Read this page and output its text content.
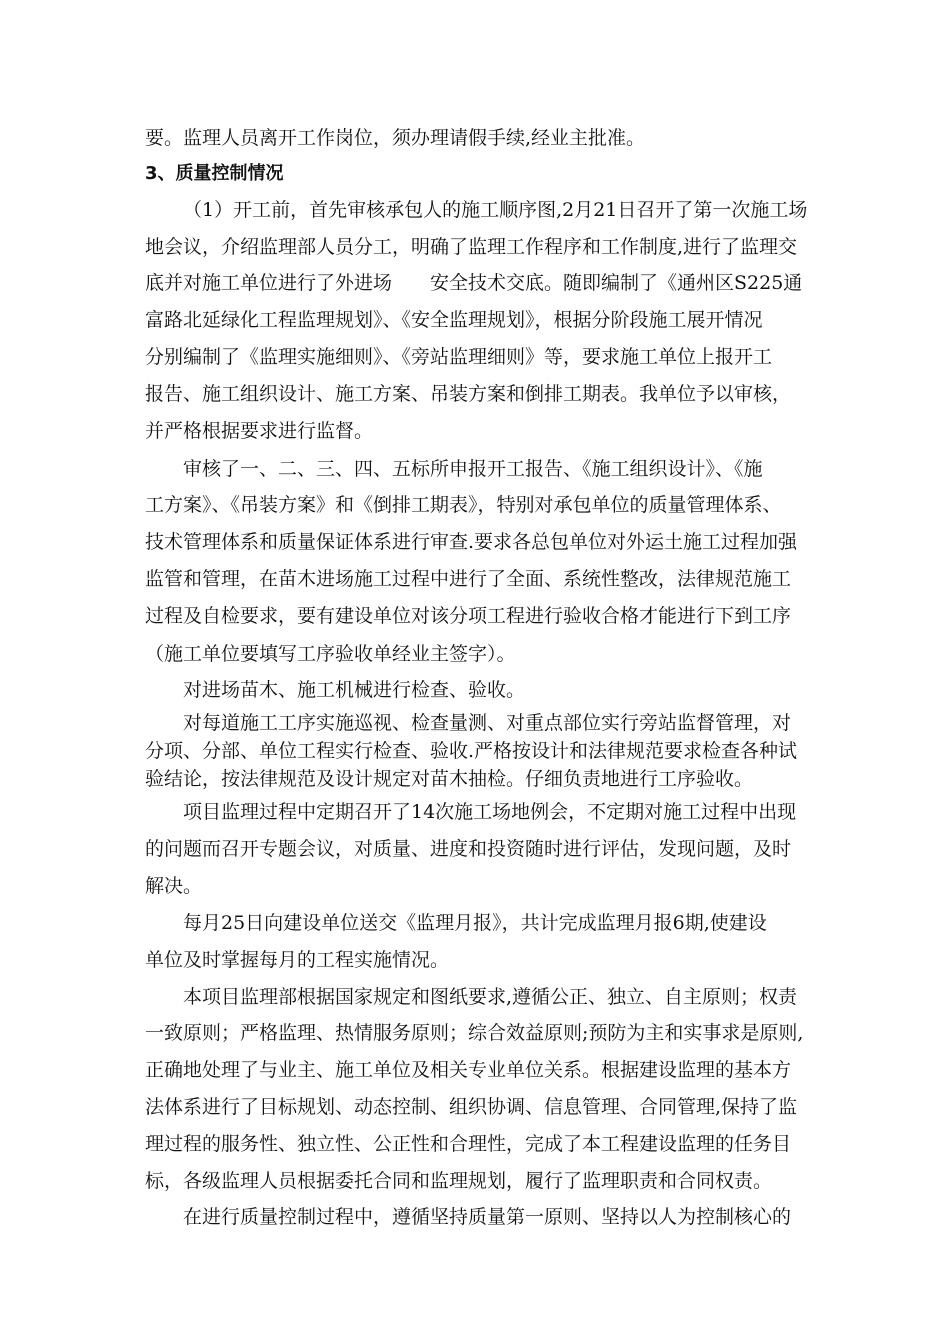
要。监理人员离开工作岗位，须办理请假手续,经业主批准。
3、质量控制情况
（1）开工前，首先审核承包人的施工顺序图,2月21日召开了第一次施工场
地会议，介绍监理部人员分工，明确了监理工作程序和工作制度,进行了监理交
底并对施工单位进行了外进场　　安全技术交底。随即编制了《通州区S225通
富路北延绿化工程监理规划》、《安全监理规划》，根据分阶段施工展开情况
分别编制了《监理实施细则》、《旁站监理细则》等，要求施工单位上报开工
报告、施工组织设计、施工方案、吊装方案和倒排工期表。我单位予以审核，
并严格根据要求进行监督。
审核了一、二、三、四、五标所申报开工报告、《施工组织设计》、《施
工方案》、《吊装方案》和《倒排工期表》，特别对承包单位的质量管理体系、
技术管理体系和质量保证体系进行审查.要求各总包单位对外运土施工过程加强
监管和管理，在苗木进场施工过程中进行了全面、系统性整改，法律规范施工
过程及自检要求，要有建设单位对该分项工程进行验收合格才能进行下到工序
（施工单位要填写工序验收单经业主签字）。
对进场苗木、施工机械进行检查、验收。
对每道施工工序实施巡视、检查量测、对重点部位实行旁站监督管理，对
分项、分部、单位工程实行检查、验收.严格按设计和法律规范要求检查各种试
验结论，按法律规范及设计规定对苗木抽检。仔细负责地进行工序验收。
项目监理过程中定期召开了14次施工场地例会，不定期对施工过程中出现
的问题而召开专题会议，对质量、进度和投资随时进行评估，发现问题，及时
解决。
每月25日向建设单位送交《监理月报》，共计完成监理月报6期,使建设
单位及时掌握每月的工程实施情况。
本项目监理部根据国家规定和图纸要求,遵循公正、独立、自主原则；权责
一致原则；严格监理、热情服务原则；综合效益原则;预防为主和实事求是原则,
正确地处理了与业主、施工单位及相关专业单位关系。根据建设监理的基本方
法体系进行了目标规划、动态控制、组织协调、信息管理、合同管理,保持了监
理过程的服务性、独立性、公正性和合理性，完成了本工程建设监理的任务目
标，各级监理人员根据委托合同和监理规划，履行了监理职责和合同权责。
在进行质量控制过程中，遵循坚持质量第一原则、坚持以人为控制核心的
